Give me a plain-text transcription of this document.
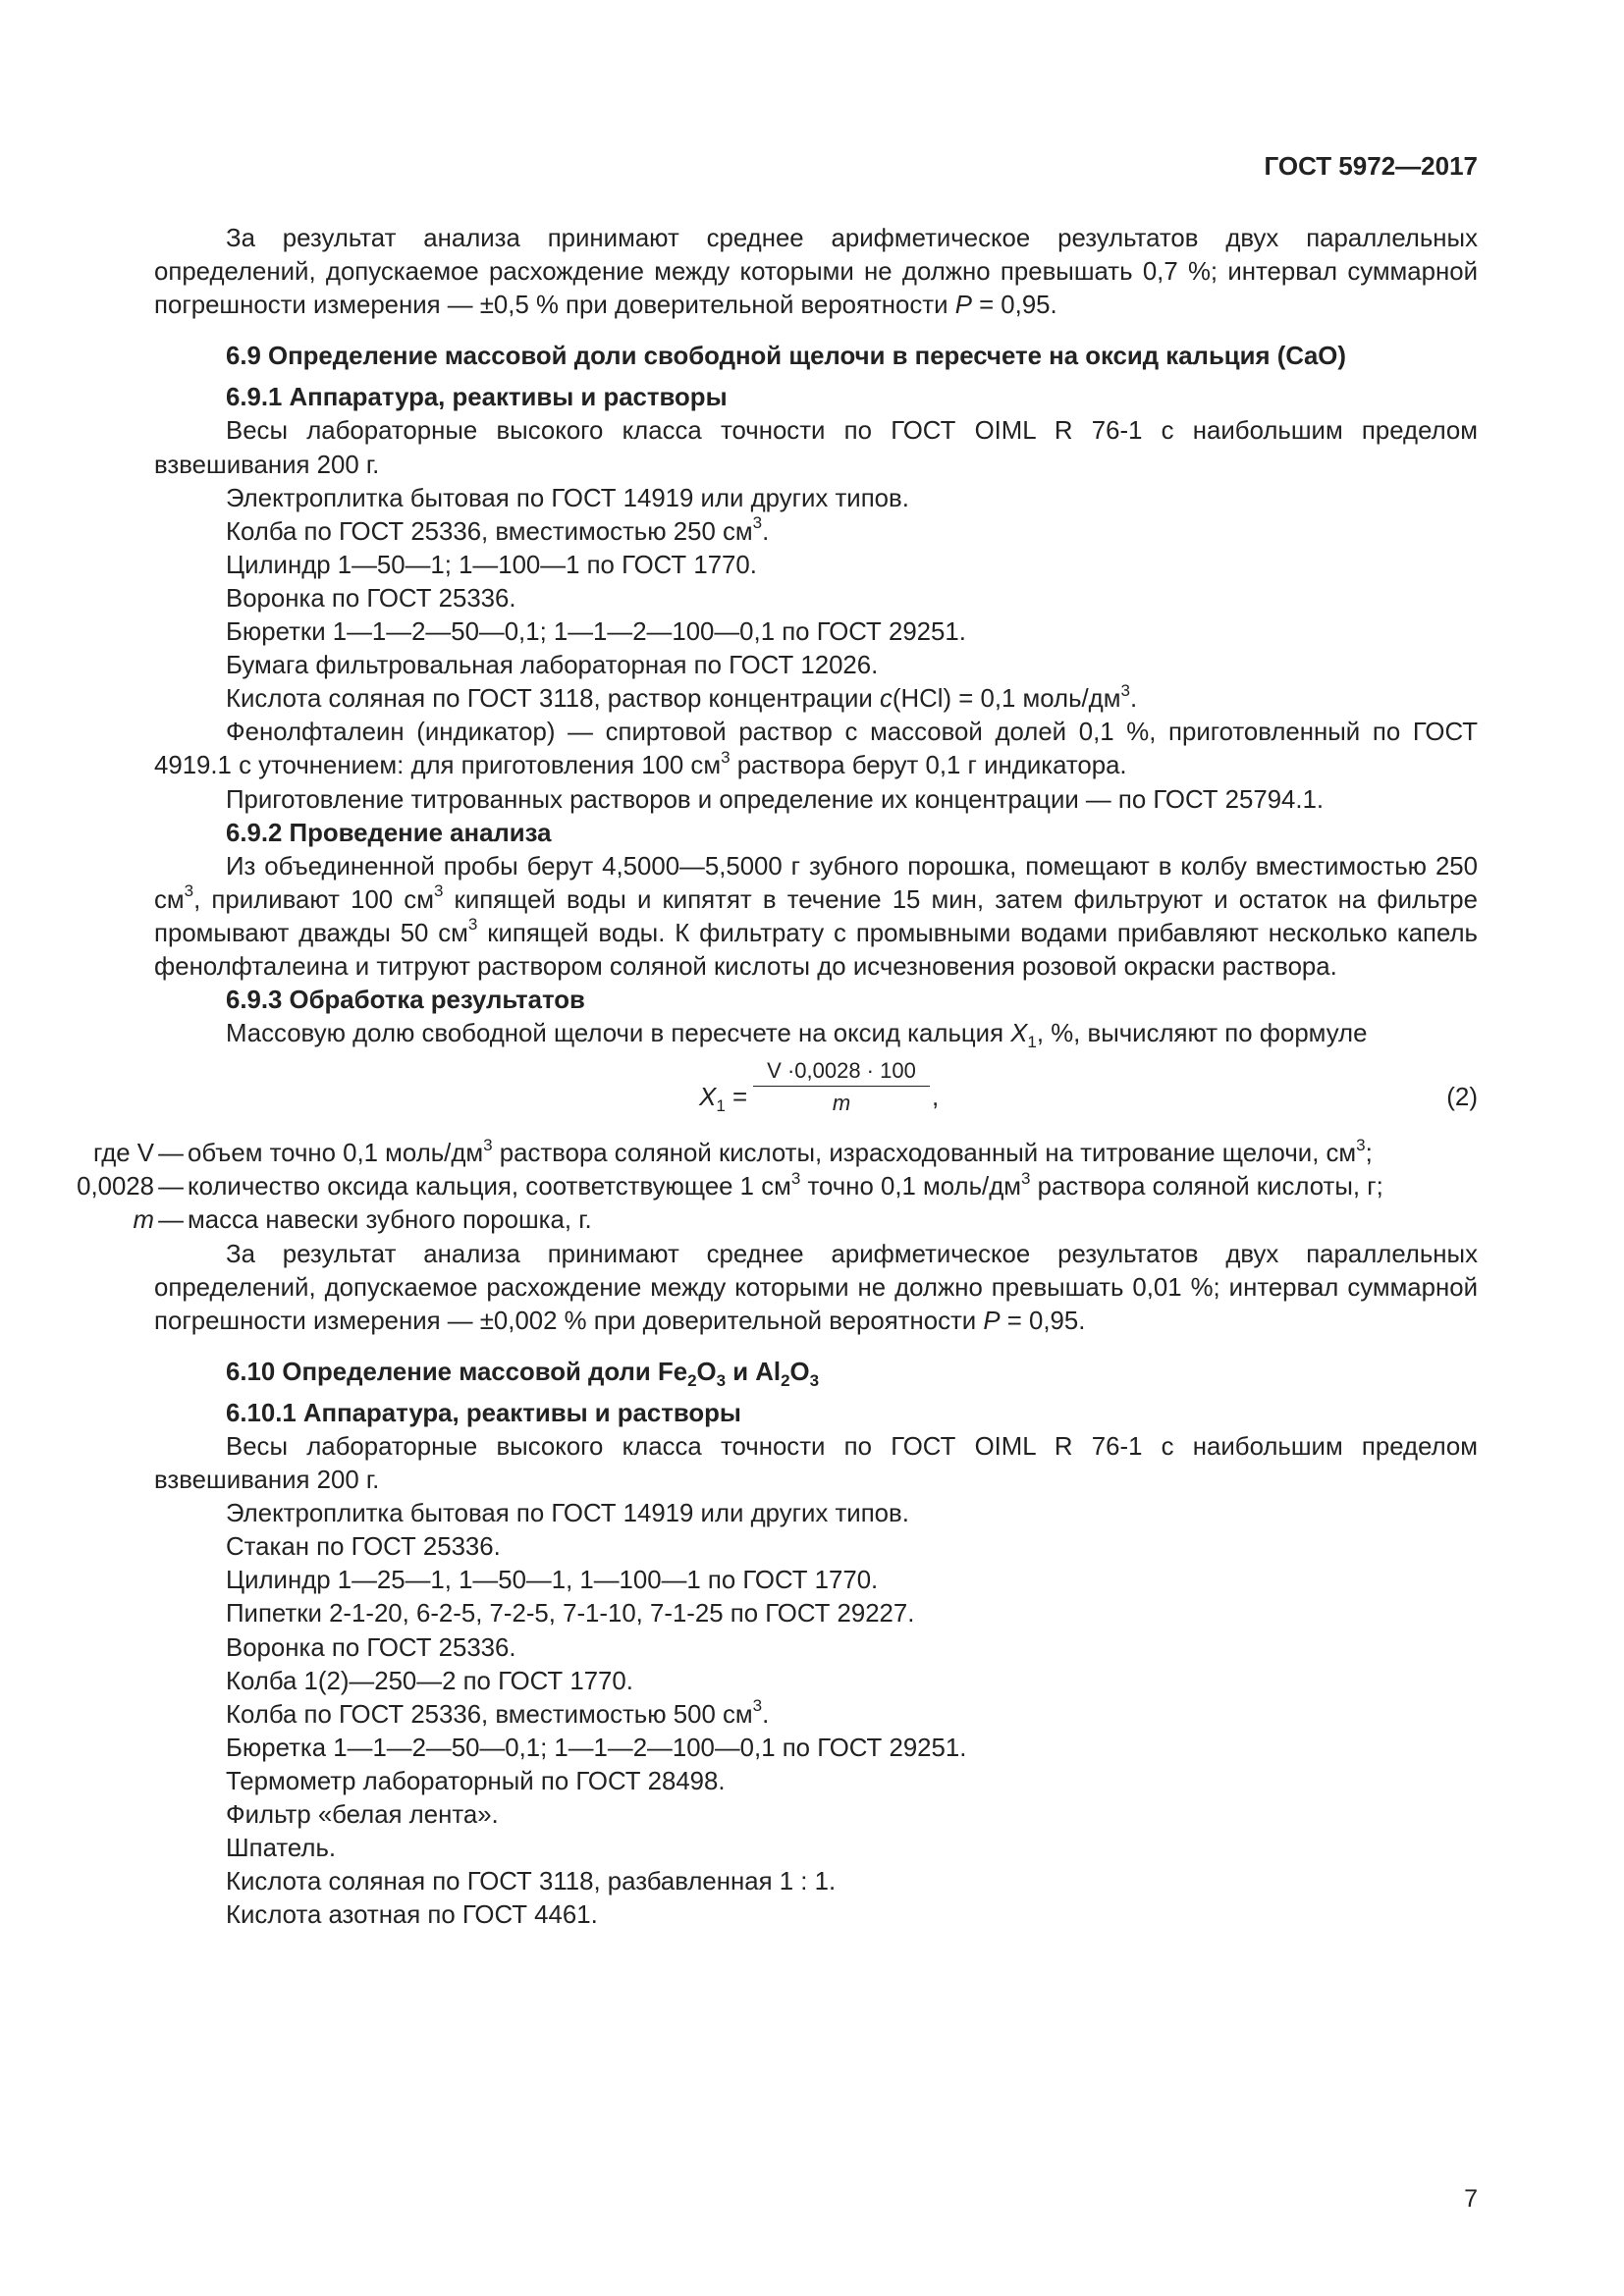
ГОСТ 5972—2017

За результат анализа принимают среднее арифметическое результатов двух параллельных определений, допускаемое расхождение между которыми не должно превышать 0,7 %; интервал суммарной погрешности измерения — ±0,5 % при доверительной вероятности P = 0,95.

6.9 Определение массовой доли свободной щелочи в пересчете на оксид кальция (CaO)

6.9.1 Аппаратура, реактивы и растворы

Весы лабораторные высокого класса точности по ГОСТ OIML R 76-1 с наибольшим пределом взвешивания 200 г.

Электроплитка бытовая по ГОСТ 14919 или других типов.

Колба по ГОСТ 25336, вместимостью 250 $см^3$.

Цилиндр 1—50—1; 1—100—1 по ГОСТ 1770.

Воронка по ГОСТ 25336.

Бюретки 1—1—2—50—0,1; 1—1—2—100—0,1 по ГОСТ 29251.

Бумага фильтровальная лабораторная по ГОСТ 12026.

Кислота соляная по ГОСТ 3118, раствор концентрации c(HCl) = 0,1 моль/$дм^3$.

Фенолфталеин (индикатор) — спиртовой раствор с массовой долей 0,1 %, приготовленный по ГОСТ 4919.1 с уточнением: для приготовления 100 $см^3$ раствора берут 0,1 г индикатора.

Приготовление титрованных растворов и определение их концентрации — по ГОСТ 25794.1.

6.9.2 Проведение анализа

Из объединенной пробы берут 4,5000—5,5000 г зубного порошка, помещают в колбу вместимостью 250 $см^3$, приливают 100 $см^3$ кипящей воды и кипятят в течение 15 мин, затем фильтруют и остаток на фильтре промывают дважды 50 $см^3$ кипящей воды. К фильтрату с промывными водами прибавляют несколько капель фенолфталеина и титруют раствором соляной кислоты до исчезновения розовой окраски раствора.

6.9.3 Обработка результатов

Массовую долю свободной щелочи в пересчете на оксид кальция $X_1$, %, вычисляют по формуле

$X_1 = \frac{V \cdot 0,0028 \cdot 100}{m}$ ,	(2)
где V — объем точно 0,1 моль/$дм^3$ раствора соляной кислоты, израсходованный на титрование щелочи, $см^3$;
0,0028 — количество оксида кальция, соответствующее 1 $см^3$ точно 0,1 моль/$дм^3$ раствора соляной кислоты, г;
m — масса навески зубного порошка, г.

За результат анализа принимают среднее арифметическое результатов двух параллельных определений, допускаемое расхождение между которыми не должно превышать 0,01 %; интервал суммарной погрешности измерения — ±0,002 % при доверительной вероятности P = 0,95.

6.10 Определение массовой доли $Fe_2O_3$ и $Al_2O_3$

6.10.1 Аппаратура, реактивы и растворы

Весы лабораторные высокого класса точности по ГОСТ OIML R 76-1 с наибольшим пределом взвешивания 200 г.

Электроплитка бытовая по ГОСТ 14919 или других типов.

Стакан по ГОСТ 25336.

Цилиндр 1—25—1, 1—50—1, 1—100—1 по ГОСТ 1770.

Пипетки 2-1-20, 6-2-5, 7-2-5, 7-1-10, 7-1-25 по ГОСТ 29227.

Воронка по ГОСТ 25336.

Колба 1(2)—250—2 по ГОСТ 1770.

Колба по ГОСТ 25336, вместимостью 500 $см^3$.

Бюретка 1—1—2—50—0,1; 1—1—2—100—0,1 по ГОСТ 29251.

Термометр лабораторный по ГОСТ 28498.

Фильтр «белая лента».

Шпатель.

Кислота соляная по ГОСТ 3118, разбавленная 1 : 1.

Кислота азотная по ГОСТ 4461.

7
